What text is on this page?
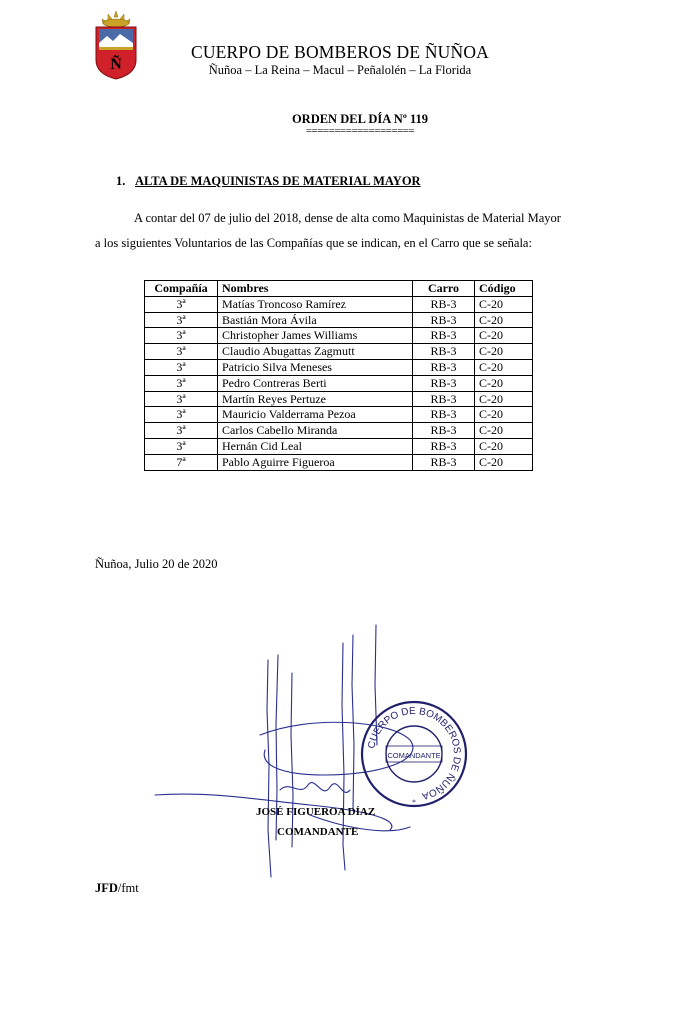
Ñ
CUERPO DE BOMBEROS DE ÑUÑOA
Ñuñoa – La Reina – Macul – Peñalolén – La Florida
ORDEN DEL DÍA Nº 119
===================
1. ALTA DE MAQUINISTAS DE MATERIAL MAYOR
A contar del 07 de julio del 2018, dense de alta como Maquinistas de Material Mayor
a los siguientes Voluntarios de las Compañías que se indican, en el Carro que se señala:
Compañía	Nombres	Carro	Código
3ª	Matías Troncoso Ramírez	RB-3	C-20
3ª	Bastián Mora Ávila	RB-3	C-20
3ª	Christopher James Williams	RB-3	C-20
3ª	Claudio Abugattas Zagmutt	RB-3	C-20
3ª	Patricio Silva Meneses	RB-3	C-20
3ª	Pedro Contreras Berti	RB-3	C-20
3ª	Martín Reyes Pertuze	RB-3	C-20
3ª	Mauricio Valderrama Pezoa	RB-3	C-20
3ª	Carlos Cabello Miranda	RB-3	C-20
3ª	Hernán Cid Leal	RB-3	C-20
7ª	Pablo Aguirre Figueroa	RB-3	C-20
Ñuñoa, Julio 20 de 2020
CUERPO DE BOMBEROS DE ÑUÑOA
COMANDANTE
*
JOSÉ FIGUEROA DÍAZ
COMANDANTE
JFD/fmt
